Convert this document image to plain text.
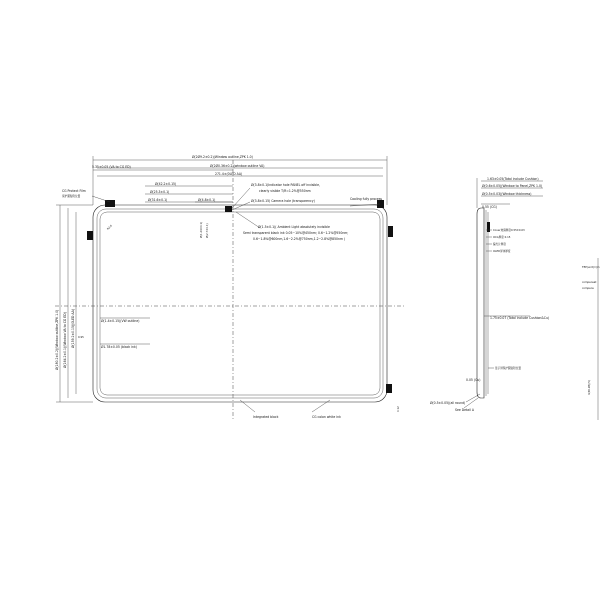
Ø(2Ø9.2±0.2)(Window outline,ZPK 1.0)
5.35±0.05 (VA to CG ED)	Ø(2Ø0.36±0.2)(window outline VA)
271.4±(0LED AA)
Ø(42.2±0.15)
Ø(25.3±0.1)
Ø(31.6±0.1)	Ø(4.8±0.1)
CG Protect Film
保护膜贴附位置
Ø(3.8±0.1)Indicator hole PANEL off invisible,
clearly visible T/R=1.2%@550nm
Ø(3.8±0.15) Camera hole (transparency)	Cooling fully process
Ø(1.5±0.1)( Ambient Light absolutely invisible
Semi transparent black ink 0.05~10%@450nm; 0.6~1.2%@550nm;
0.6~1.8%@600nm,1.6~2.2%@750nm,1.2~2.8%@850nm )
Ø(1.24±0.1)	Ø(2.7±0.1)
Ø(1.4±0.15)(VW outline)
Ø1.78±0.05 (black ink)
R2.6
Integrated black	CG colon white ink
0.12
Ø(180.2±0.2)(Window outline,ZPK 1.0)	Ø(164.2±0.1)(Window VA to CG ED)	Ø(159.2±0.15)(0LED AA) 0.95
1.63±0.05(Total include Cushion)
Ø(0.6±0.05)(Window to Panel,ZPK 1.0)
Ø(0.5±0.03)(Window thickness)
0.55 (CG)
Cover玻璃厚度0.55±0.03
OCA厚度 0.15
偏光片厚度
OLED屏体厚度
1.75±0.07 (Total include Cushion&Cu)
0.05 (Cu)
显示屏保护膜贴附位置
Ø(0.5±0.05)(all round)
See Detail A
TEP(unit)=(m
compensat
compens
4(36.2B)(5)
